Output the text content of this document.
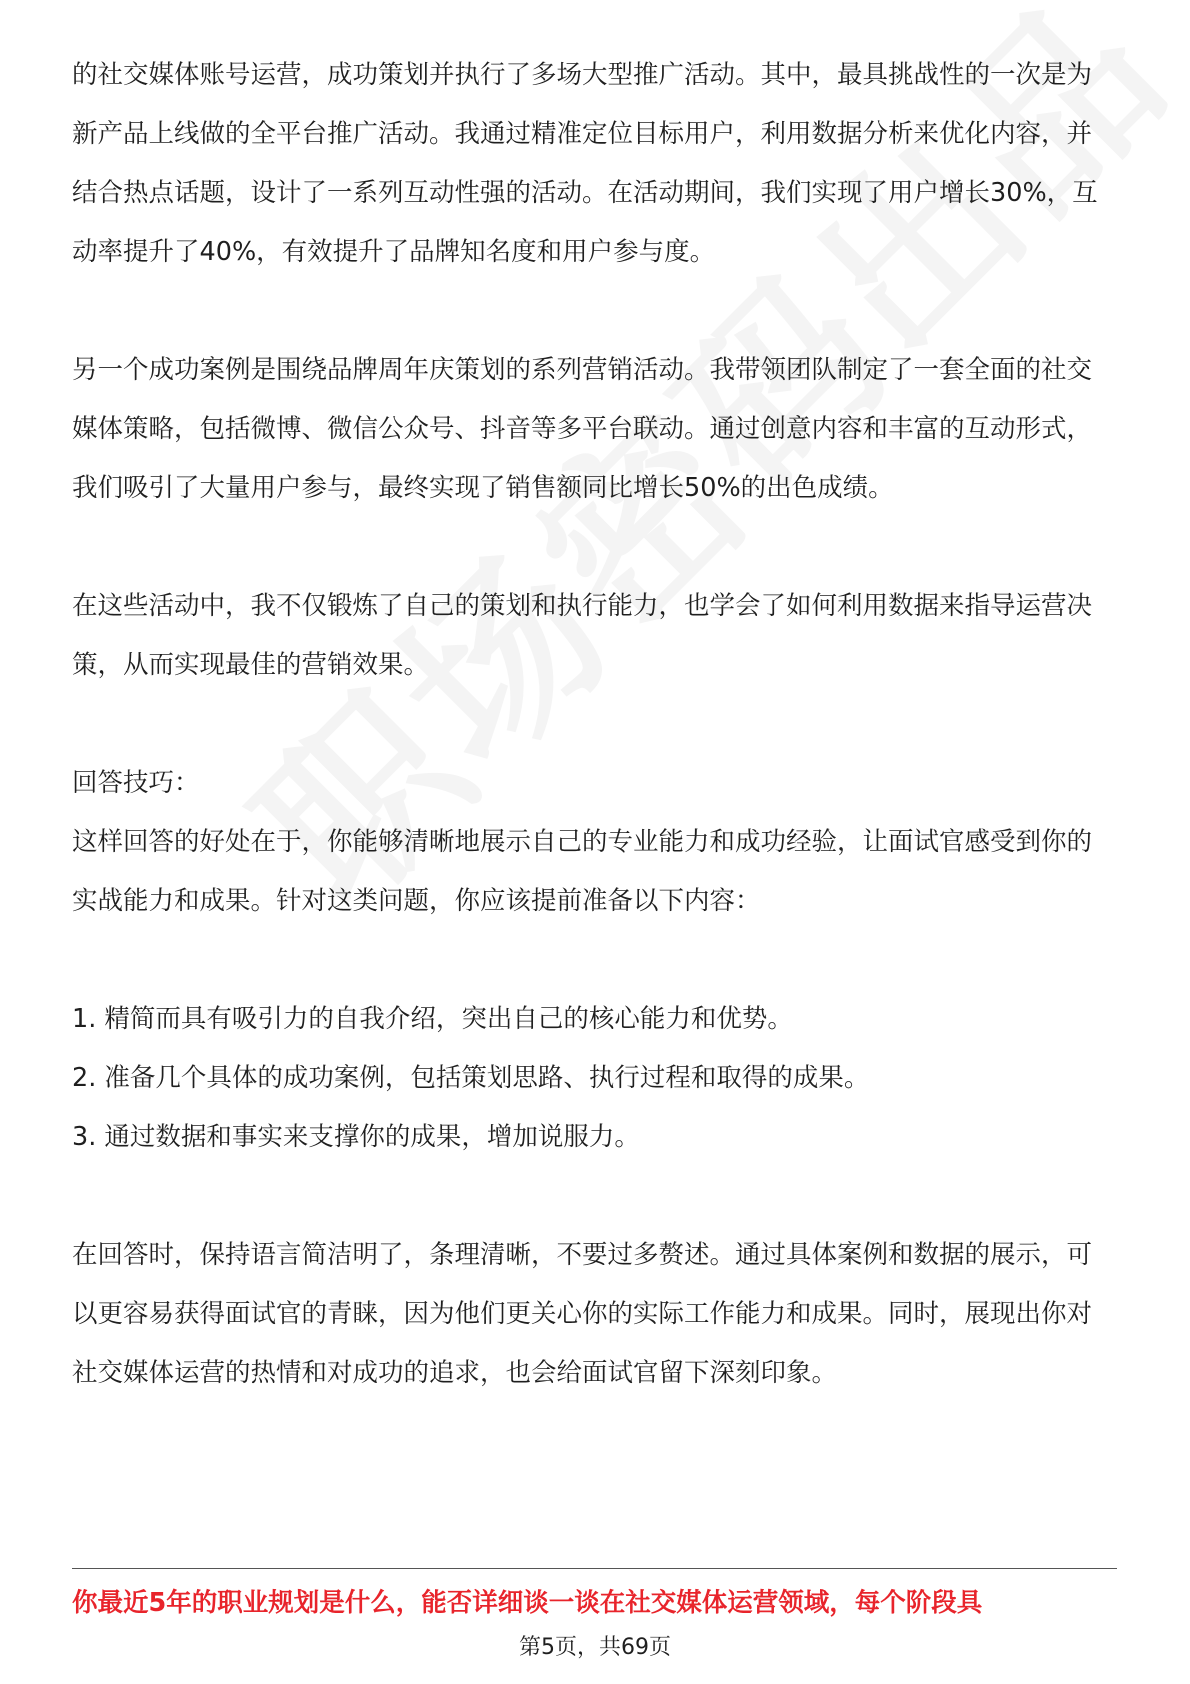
的社交媒体账号运营，成功策划并执行了多场大型推广活动。其中，最具挑战性的一次是为新产品上线做的全平台推广活动。我通过精准定位目标用户，利用数据分析来优化内容，并结合热点话题，设计了一系列互动性强的活动。在活动期间，我们实现了用户增长30%，互动率提升了40%，有效提升了品牌知名度和用户参与度。

另一个成功案例是围绕品牌周年庆策划的系列营销活动。我带领团队制定了一套全面的社交媒体策略，包括微博、微信公众号、抖音等多平台联动。通过创意内容和丰富的互动形式，我们吸引了大量用户参与，最终实现了销售额同比增长50%的出色成绩。

在这些活动中，我不仅锻炼了自己的策划和执行能力，也学会了如何利用数据来指导运营决策，从而实现最佳的营销效果。

回答技巧：

这样回答的好处在于，你能够清晰地展示自己的专业能力和成功经验，让面试官感受到你的实战能力和成果。针对这类问题，你应该提前准备以下内容：

1. 精简而具有吸引力的自我介绍，突出自己的核心能力和优势。
2. 准备几个具体的成功案例，包括策划思路、执行过程和取得的成果。
3. 通过数据和事实来支撑你的成果，增加说服力。

在回答时，保持语言简洁明了，条理清晰，不要过多赘述。通过具体案例和数据的展示，可以更容易获得面试官的青睐，因为他们更关心你的实际工作能力和成果。同时，展现出你对社交媒体运营的热情和对成功的追求，也会给面试官留下深刻印象。

你最近5年的职业规划是什么，能否详细谈一谈在社交媒体运营领域，每个阶段具
第5页，共69页
